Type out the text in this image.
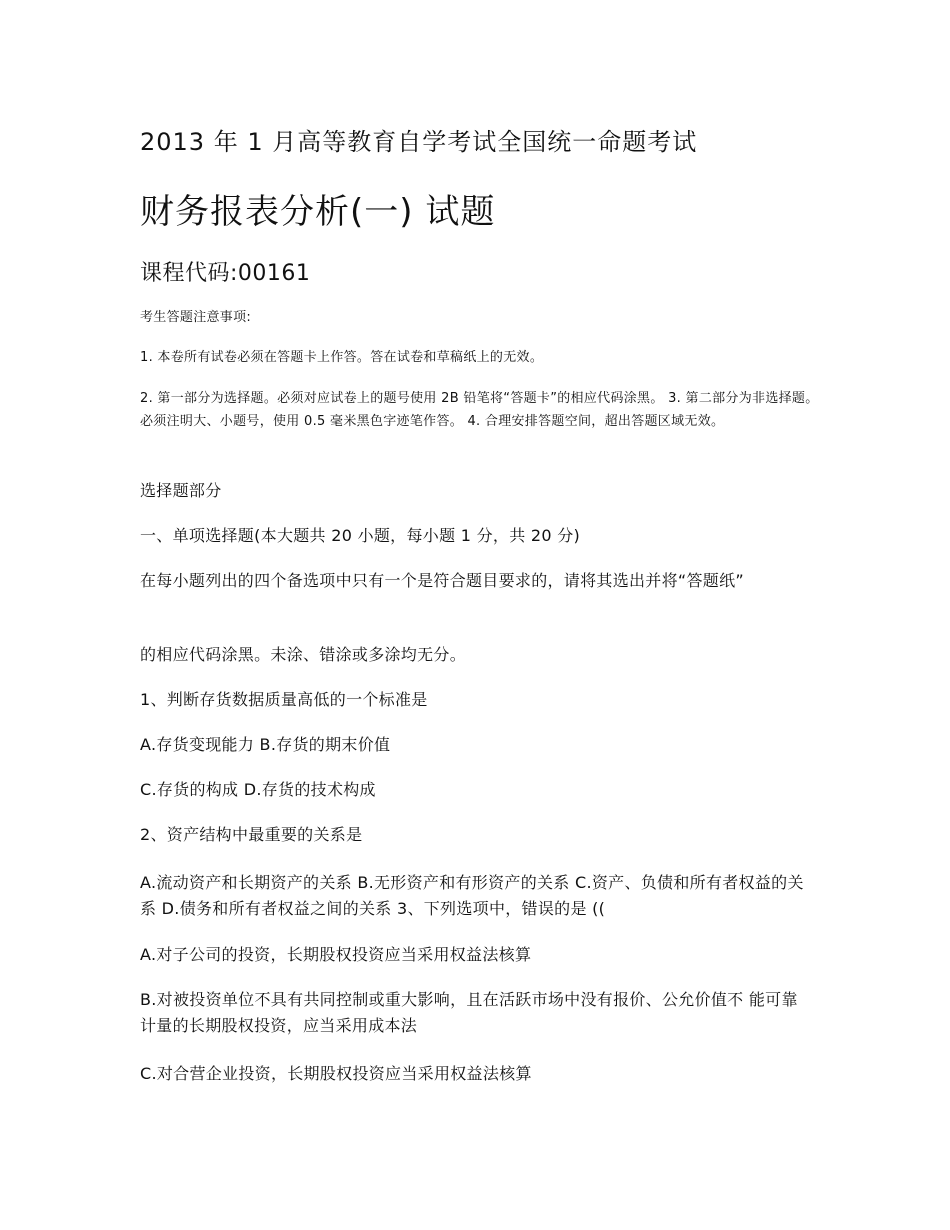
2013 年 1 月高等教育自学考试全国统一命题考试
财务报表分析(一) 试题
课程代码:00161
考生答题注意事项:
1. 本卷所有试卷必须在答题卡上作答。答在试卷和草稿纸上的无效。
2. 第一部分为选择题。必须对应试卷上的题号使用 2B 铅笔将“答题卡”的相应代码涂黑。 3. 第二部分为非选择题。必须注明大、小题号，使用 0.5 毫米黑色字迹笔作答。 4. 合理安排答题空间，超出答题区域无效。
选择题部分
一、单项选择题(本大题共 20 小题，每小题 1 分，共 20 分)
在每小题列出的四个备选项中只有一个是符合题目要求的，请将其选出并将“答题纸”
的相应代码涂黑。未涂、错涂或多涂均无分。
1、判断存货数据质量高低的一个标准是
A.存货变现能力 B.存货的期末价值
C.存货的构成 D.存货的技术构成
2、资产结构中最重要的关系是
A.流动资产和长期资产的关系 B.无形资产和有形资产的关系 C.资产、负债和所有者权益的关系 D.债务和所有者权益之间的关系 3、下列选项中，错误的是 ((
A.对子公司的投资，长期股权投资应当采用权益法核算
B.对被投资单位不具有共同控制或重大影响，且在活跃市场中没有报价、公允价值不 能可靠计量的长期股权投资，应当采用成本法
C.对合营企业投资，长期股权投资应当采用权益法核算
